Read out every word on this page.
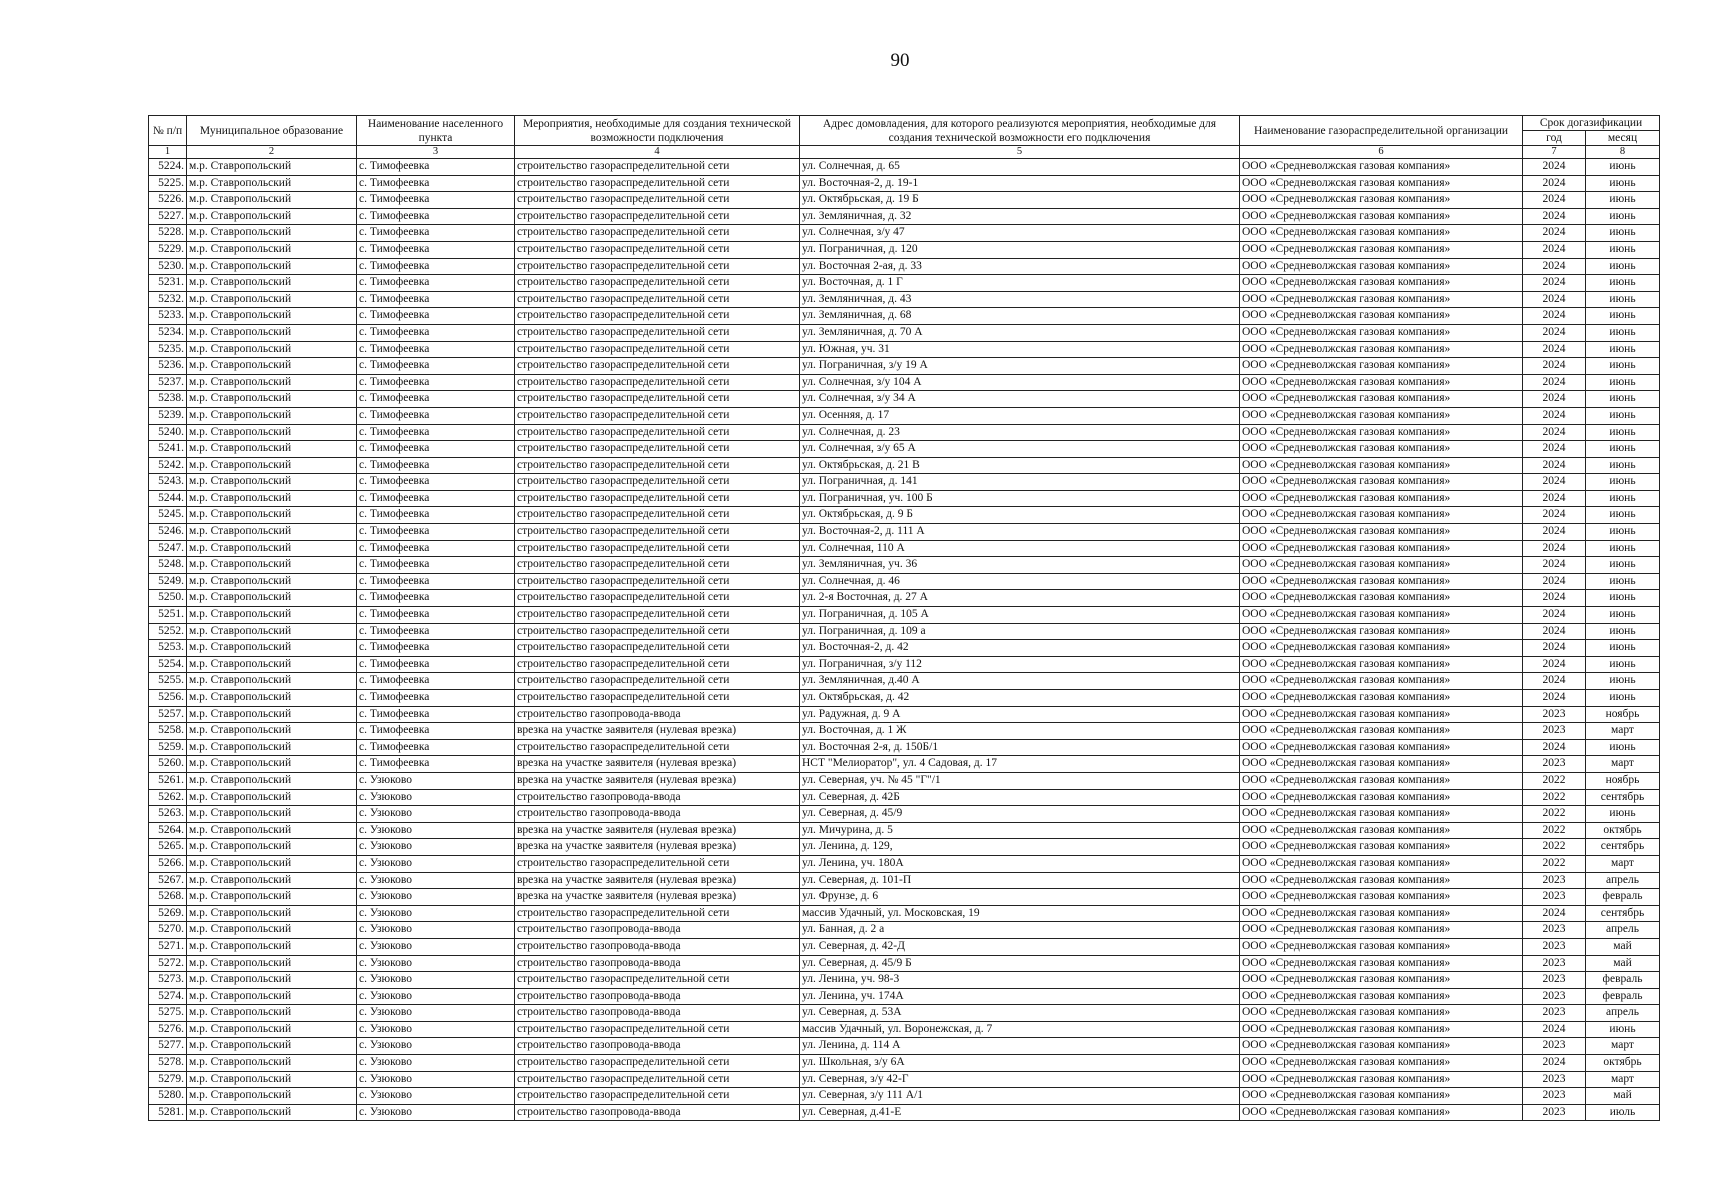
90
№ п/п	Муниципальное образование	Наименование населенного пункта	Мероприятия, необходимые для создания технической возможности подключения	Адрес домовладения, для которого реализуются мероприятия, необходимые для создания технической возможности его подключения	Наименование газораспределительной организации	Срок догазификации	
						год	месяц
1	2	3	4	5	6	7	8
5224.	м.р. Ставропольский	с. Тимофеевка	строительство газораспределительной сети	ул. Солнечная, д. 65	ООО «Средневолжская газовая компания»	2024	июнь
5225.	м.р. Ставропольский	с. Тимофеевка	строительство газораспределительной сети	ул. Восточная-2, д. 19-1	ООО «Средневолжская газовая компания»	2024	июнь
5226.	м.р. Ставропольский	с. Тимофеевка	строительство газораспределительной сети	ул. Октябрьская, д. 19 Б	ООО «Средневолжская газовая компания»	2024	июнь
5227.	м.р. Ставропольский	с. Тимофеевка	строительство газораспределительной сети	ул. Земляничная, д. 32	ООО «Средневолжская газовая компания»	2024	июнь
5228.	м.р. Ставропольский	с. Тимофеевка	строительство газораспределительной сети	ул. Солнечная, з/у 47	ООО «Средневолжская газовая компания»	2024	июнь
5229.	м.р. Ставропольский	с. Тимофеевка	строительство газораспределительной сети	ул. Пограничная, д. 120	ООО «Средневолжская газовая компания»	2024	июнь
5230.	м.р. Ставропольский	с. Тимофеевка	строительство газораспределительной сети	ул. Восточная 2-ая, д. 33	ООО «Средневолжская газовая компания»	2024	июнь
5231.	м.р. Ставропольский	с. Тимофеевка	строительство газораспределительной сети	ул. Восточная, д. 1 Г	ООО «Средневолжская газовая компания»	2024	июнь
5232.	м.р. Ставропольский	с. Тимофеевка	строительство газораспределительной сети	ул. Земляничная, д. 43	ООО «Средневолжская газовая компания»	2024	июнь
5233.	м.р. Ставропольский	с. Тимофеевка	строительство газораспределительной сети	ул. Земляничная, д. 68	ООО «Средневолжская газовая компания»	2024	июнь
5234.	м.р. Ставропольский	с. Тимофеевка	строительство газораспределительной сети	ул. Земляничная, д. 70 А	ООО «Средневолжская газовая компания»	2024	июнь
5235.	м.р. Ставропольский	с. Тимофеевка	строительство газораспределительной сети	ул. Южная, уч. 31	ООО «Средневолжская газовая компания»	2024	июнь
5236.	м.р. Ставропольский	с. Тимофеевка	строительство газораспределительной сети	ул. Пограничная, з/у 19 А	ООО «Средневолжская газовая компания»	2024	июнь
5237.	м.р. Ставропольский	с. Тимофеевка	строительство газораспределительной сети	ул. Солнечная, з/у 104 А	ООО «Средневолжская газовая компания»	2024	июнь
5238.	м.р. Ставропольский	с. Тимофеевка	строительство газораспределительной сети	ул. Солнечная, з/у 34 А	ООО «Средневолжская газовая компания»	2024	июнь
5239.	м.р. Ставропольский	с. Тимофеевка	строительство газораспределительной сети	ул. Осенняя, д. 17	ООО «Средневолжская газовая компания»	2024	июнь
5240.	м.р. Ставропольский	с. Тимофеевка	строительство газораспределительной сети	ул. Солнечная, д. 23	ООО «Средневолжская газовая компания»	2024	июнь
5241.	м.р. Ставропольский	с. Тимофеевка	строительство газораспределительной сети	ул. Солнечная, з/у 65 А	ООО «Средневолжская газовая компания»	2024	июнь
5242.	м.р. Ставропольский	с. Тимофеевка	строительство газораспределительной сети	ул. Октябрьская, д. 21 В	ООО «Средневолжская газовая компания»	2024	июнь
5243.	м.р. Ставропольский	с. Тимофеевка	строительство газораспределительной сети	ул. Пограничная, д. 141	ООО «Средневолжская газовая компания»	2024	июнь
5244.	м.р. Ставропольский	с. Тимофеевка	строительство газораспределительной сети	ул. Пограничная, уч. 100 Б	ООО «Средневолжская газовая компания»	2024	июнь
5245.	м.р. Ставропольский	с. Тимофеевка	строительство газораспределительной сети	ул. Октябрьская, д. 9 Б	ООО «Средневолжская газовая компания»	2024	июнь
5246.	м.р. Ставропольский	с. Тимофеевка	строительство газораспределительной сети	ул. Восточная-2, д. 111 А	ООО «Средневолжская газовая компания»	2024	июнь
5247.	м.р. Ставропольский	с. Тимофеевка	строительство газораспределительной сети	ул. Солнечная, 110 А	ООО «Средневолжская газовая компания»	2024	июнь
5248.	м.р. Ставропольский	с. Тимофеевка	строительство газораспределительной сети	ул. Земляничная, уч. 36	ООО «Средневолжская газовая компания»	2024	июнь
5249.	м.р. Ставропольский	с. Тимофеевка	строительство газораспределительной сети	ул. Солнечная, д. 46	ООО «Средневолжская газовая компания»	2024	июнь
5250.	м.р. Ставропольский	с. Тимофеевка	строительство газораспределительной сети	ул. 2-я Восточная, д. 27 А	ООО «Средневолжская газовая компания»	2024	июнь
5251.	м.р. Ставропольский	с. Тимофеевка	строительство газораспределительной сети	ул. Пограничная, д. 105 А	ООО «Средневолжская газовая компания»	2024	июнь
5252.	м.р. Ставропольский	с. Тимофеевка	строительство газораспределительной сети	ул. Пограничная, д. 109 а	ООО «Средневолжская газовая компания»	2024	июнь
5253.	м.р. Ставропольский	с. Тимофеевка	строительство газораспределительной сети	ул. Восточная-2, д. 42	ООО «Средневолжская газовая компания»	2024	июнь
5254.	м.р. Ставропольский	с. Тимофеевка	строительство газораспределительной сети	ул. Пограничная, з/у 112	ООО «Средневолжская газовая компания»	2024	июнь
5255.	м.р. Ставропольский	с. Тимофеевка	строительство газораспределительной сети	ул. Земляничная, д.40 А	ООО «Средневолжская газовая компания»	2024	июнь
5256.	м.р. Ставропольский	с. Тимофеевка	строительство газораспределительной сети	ул. Октябрьская, д. 42	ООО «Средневолжская газовая компания»	2024	июнь
5257.	м.р. Ставропольский	с. Тимофеевка	строительство газопровода-ввода	ул. Радужная, д. 9 А	ООО «Средневолжская газовая компания»	2023	ноябрь
5258.	м.р. Ставропольский	с. Тимофеевка	врезка на участке заявителя (нулевая врезка)	ул. Восточная, д. 1 Ж	ООО «Средневолжская газовая компания»	2023	март
5259.	м.р. Ставропольский	с. Тимофеевка	строительство газораспределительной сети	ул. Восточная 2-я, д. 150Б/1	ООО «Средневолжская газовая компания»	2024	июнь
5260.	м.р. Ставропольский	с. Тимофеевка	врезка на участке заявителя (нулевая врезка)	НСТ "Мелиоратор", ул. 4 Садовая, д. 17	ООО «Средневолжская газовая компания»	2023	март
5261.	м.р. Ставропольский	с. Узюково	врезка на участке заявителя (нулевая врезка)	ул. Северная, уч. № 45 "Г"/1	ООО «Средневолжская газовая компания»	2022	ноябрь
5262.	м.р. Ставропольский	с. Узюково	строительство газопровода-ввода	ул. Северная, д. 42Б	ООО «Средневолжская газовая компания»	2022	сентябрь
5263.	м.р. Ставропольский	с. Узюково	строительство газопровода-ввода	ул. Северная, д. 45/9	ООО «Средневолжская газовая компания»	2022	июнь
5264.	м.р. Ставропольский	с. Узюково	врезка на участке заявителя (нулевая врезка)	ул. Мичурина, д. 5	ООО «Средневолжская газовая компания»	2022	октябрь
5265.	м.р. Ставропольский	с. Узюково	врезка на участке заявителя (нулевая врезка)	ул. Ленина, д. 129,	ООО «Средневолжская газовая компания»	2022	сентябрь
5266.	м.р. Ставропольский	с. Узюково	строительство газораспределительной сети	ул. Ленина, уч. 180А	ООО «Средневолжская газовая компания»	2022	март
5267.	м.р. Ставропольский	с. Узюково	врезка на участке заявителя (нулевая врезка)	ул. Северная, д. 101-П	ООО «Средневолжская газовая компания»	2023	апрель
5268.	м.р. Ставропольский	с. Узюково	врезка на участке заявителя (нулевая врезка)	ул. Фрунзе, д. 6	ООО «Средневолжская газовая компания»	2023	февраль
5269.	м.р. Ставропольский	с. Узюково	строительство газораспределительной сети	массив Удачный, ул. Московская, 19	ООО «Средневолжская газовая компания»	2024	сентябрь
5270.	м.р. Ставропольский	с. Узюково	строительство газопровода-ввода	ул. Банная, д. 2 а	ООО «Средневолжская газовая компания»	2023	апрель
5271.	м.р. Ставропольский	с. Узюково	строительство газопровода-ввода	ул. Северная, д. 42-Д	ООО «Средневолжская газовая компания»	2023	май
5272.	м.р. Ставропольский	с. Узюково	строительство газопровода-ввода	ул. Северная, д. 45/9 Б	ООО «Средневолжская газовая компания»	2023	май
5273.	м.р. Ставропольский	с. Узюково	строительство газораспределительной сети	ул. Ленина, уч. 98-3	ООО «Средневолжская газовая компания»	2023	февраль
5274.	м.р. Ставропольский	с. Узюково	строительство газопровода-ввода	ул. Ленина, уч. 174А	ООО «Средневолжская газовая компания»	2023	февраль
5275.	м.р. Ставропольский	с. Узюково	строительство газопровода-ввода	ул. Северная, д. 53А	ООО «Средневолжская газовая компания»	2023	апрель
5276.	м.р. Ставропольский	с. Узюково	строительство газораспределительной сети	массив Удачный, ул. Воронежская, д. 7	ООО «Средневолжская газовая компания»	2024	июнь
5277.	м.р. Ставропольский	с. Узюково	строительство газопровода-ввода	ул. Ленина, д. 114 А	ООО «Средневолжская газовая компания»	2023	март
5278.	м.р. Ставропольский	с. Узюково	строительство газораспределительной сети	ул. Школьная, з/у 6А	ООО «Средневолжская газовая компания»	2024	октябрь
5279.	м.р. Ставропольский	с. Узюково	строительство газораспределительной сети	ул. Северная, з/у 42-Г	ООО «Средневолжская газовая компания»	2023	март
5280.	м.р. Ставропольский	с. Узюково	строительство газораспределительной сети	ул. Северная, з/у 111 А/1	ООО «Средневолжская газовая компания»	2023	май
5281.	м.р. Ставропольский	с. Узюково	строительство газопровода-ввода	ул. Северная, д.41-Е	ООО «Средневолжская газовая компания»	2023	июль
